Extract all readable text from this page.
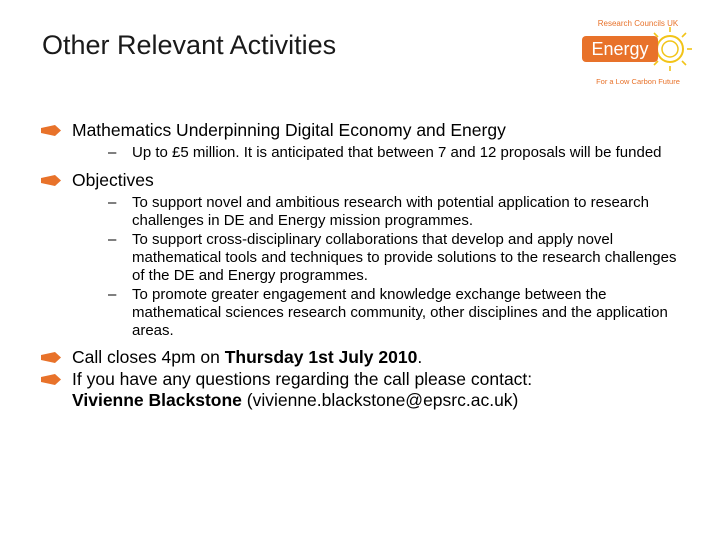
Other Relevant Activities
Research Councils UK
Energy
For a Low Carbon Future
Mathematics Underpinning Digital Economy and Energy
– Up to £5 million. It is anticipated that between 7 and 12 proposals will be funded
Objectives
– To support novel and ambitious research with potential application to research challenges in DE and Energy mission programmes.
– To support cross-disciplinary collaborations that develop and apply novel mathematical tools and techniques to provide solutions to the research challenges of the DE and Energy programmes.
– To promote greater engagement and knowledge exchange between the mathematical sciences research community, other disciplines and the application areas.
Call closes 4pm on Thursday 1st July 2010.
If you have any questions regarding the call please contact:
Vivienne Blackstone (vivienne.blackstone@epsrc.ac.uk)
